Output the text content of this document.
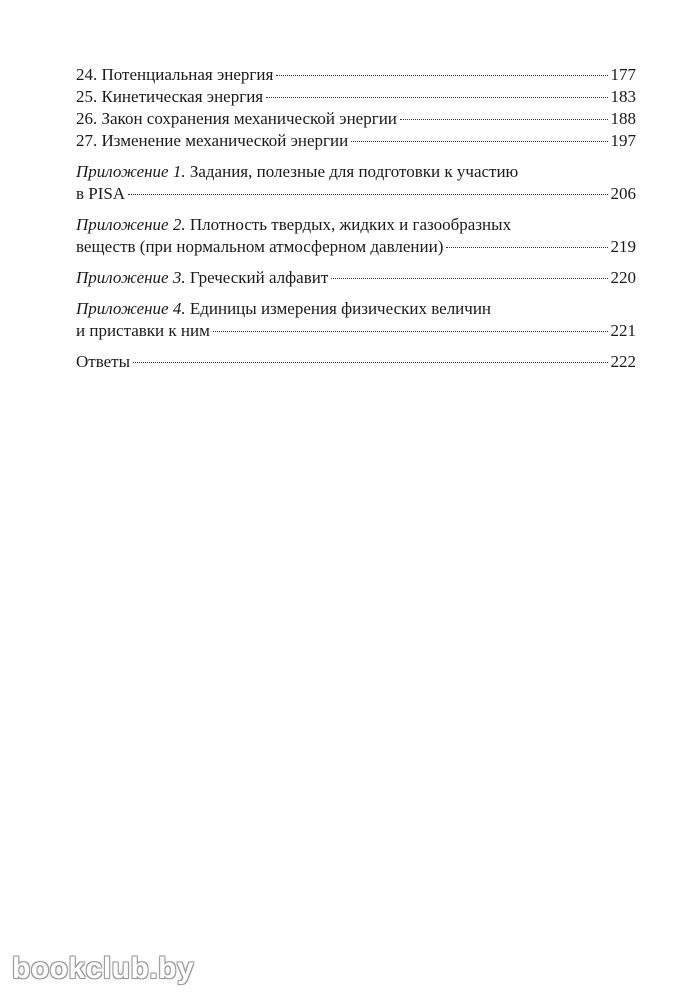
24. Потенциальная энергия	177
25. Кинетическая энергия	183
26. Закон сохранения механической энергии	188
27. Изменение механической энергии	197
Приложение 1. Задания, полезные для подготовки к участию
в PISA	206
Приложение 2. Плотность твердых, жидких и газообразных
веществ (при нормальном атмосферном давлении)	219
Приложение 3. Греческий алфавит	220
Приложение 4. Единицы измерения физических величин
и приставки к ним	221
Ответы	222
bookclub.by
